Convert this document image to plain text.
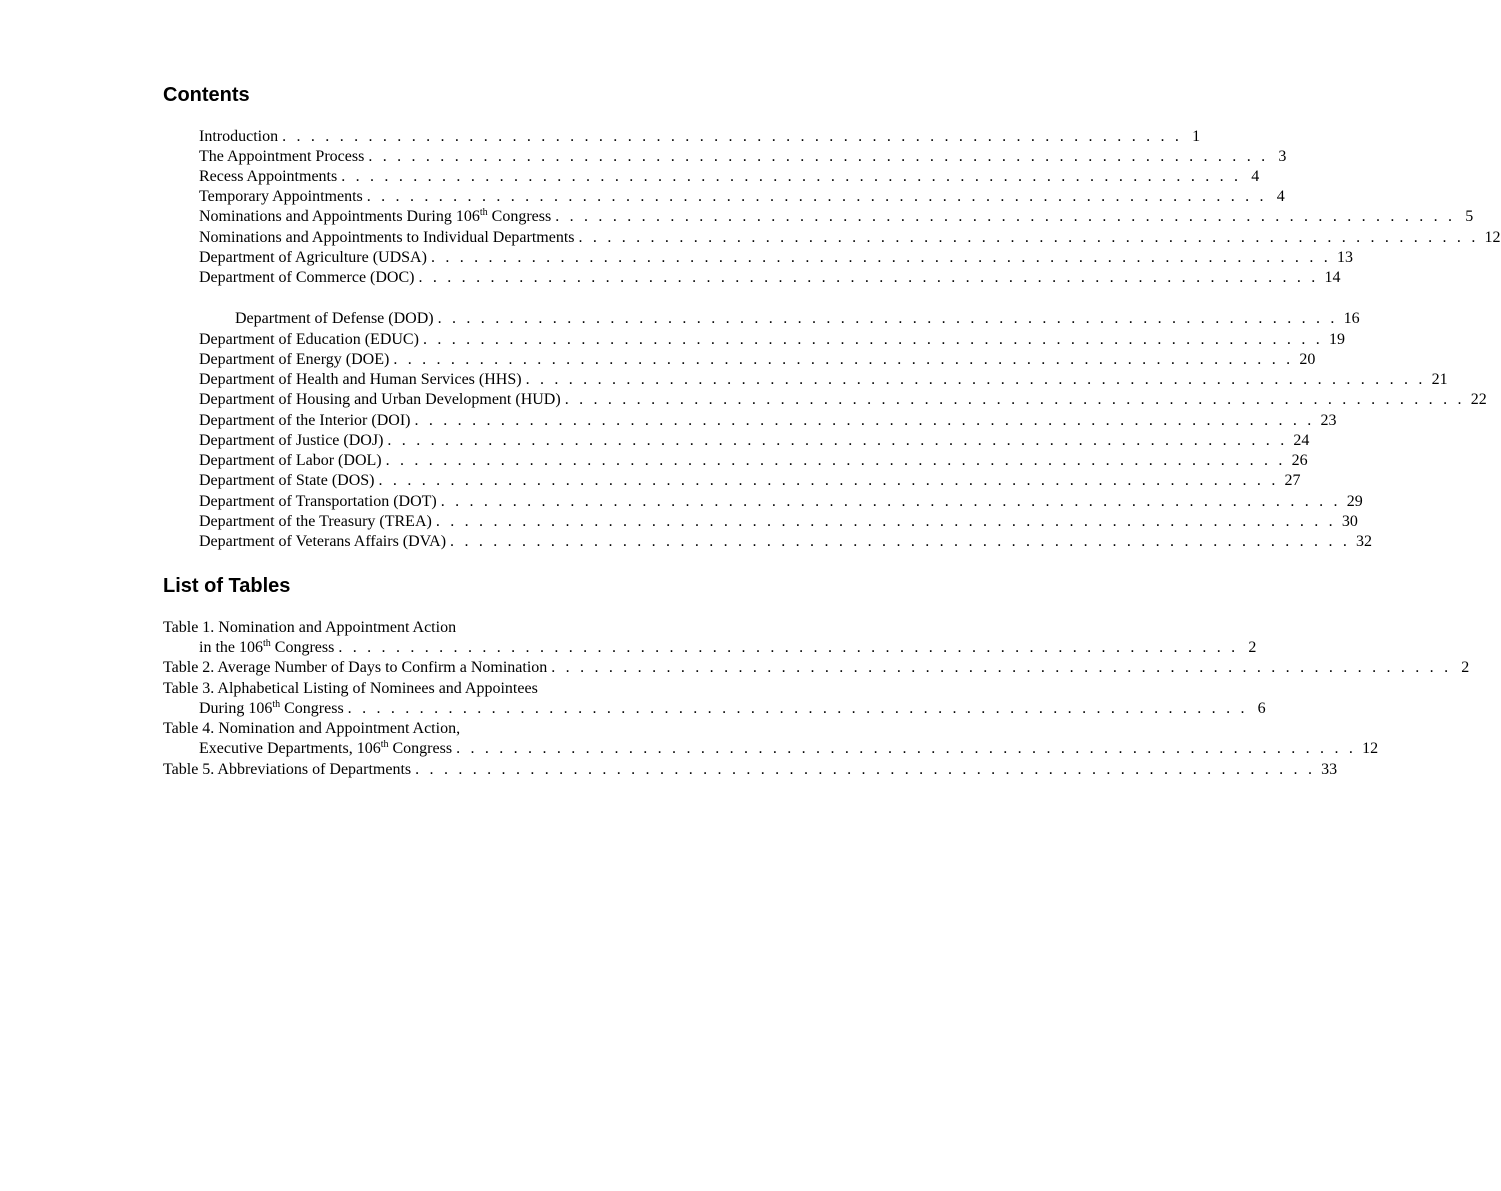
Contents
Introduction . . . . . . . . . . . . . . . . . . . . . . . . . . . . . . . . . . . . . . . . . . . . . . . . . . . . . . . . . . . . . . . 1
The Appointment Process . . . . . . . . . . . . . . . . . . . . . . . . . . . . . . . . . . . . . . . . . . . . . . . . . . . . . . . . . . . . . . . 3
Recess Appointments . . . . . . . . . . . . . . . . . . . . . . . . . . . . . . . . . . . . . . . . . . . . . . . . . . . . . . . . . . . . . . . 4
Temporary Appointments . . . . . . . . . . . . . . . . . . . . . . . . . . . . . . . . . . . . . . . . . . . . . . . . . . . . . . . . . . . . . . . 4
Nominations and Appointments During 106th Congress . . . . . . . . . . . . . . . . . . . . . . . . . . . . . . . . . . . . . . . . . . . . . . . . . . . . . . . . . . . . . . . 5
Nominations and Appointments to Individual Departments . . . . . . . . . . . . . . . . . . . . . . . . . . . . . . . . . . . . . . . . . . . . . . . . . . . . . . . . . . . . . . . 12
Department of Agriculture (UDSA) . . . . . . . . . . . . . . . . . . . . . . . . . . . . . . . . . . . . . . . . . . . . . . . . . . . . . . . . . . . . . . . 13
Department of Commerce (DOC) . . . . . . . . . . . . . . . . . . . . . . . . . . . . . . . . . . . . . . . . . . . . . . . . . . . . . . . . . . . . . . . 14
Department of Defense (DOD) . . . . . . . . . . . . . . . . . . . . . . . . . . . . . . . . . . . . . . . . . . . . . . . . . . . . . . . . . . . . . . . 16
Department of Education (EDUC) . . . . . . . . . . . . . . . . . . . . . . . . . . . . . . . . . . . . . . . . . . . . . . . . . . . . . . . . . . . . . . . 19
Department of Energy (DOE) . . . . . . . . . . . . . . . . . . . . . . . . . . . . . . . . . . . . . . . . . . . . . . . . . . . . . . . . . . . . . . . 20
Department of Health and Human Services (HHS) . . . . . . . . . . . . . . . . . . . . . . . . . . . . . . . . . . . . . . . . . . . . . . . . . . . . . . . . . . . . . . . 21
Department of Housing and Urban Development (HUD) . . . . . . . . . . . . . . . . . . . . . . . . . . . . . . . . . . . . . . . . . . . . . . . . . . . . . . . . . . . . . . . 22
Department of the Interior (DOI) . . . . . . . . . . . . . . . . . . . . . . . . . . . . . . . . . . . . . . . . . . . . . . . . . . . . . . . . . . . . . . . 23
Department of Justice (DOJ) . . . . . . . . . . . . . . . . . . . . . . . . . . . . . . . . . . . . . . . . . . . . . . . . . . . . . . . . . . . . . . . 24
Department of Labor (DOL) . . . . . . . . . . . . . . . . . . . . . . . . . . . . . . . . . . . . . . . . . . . . . . . . . . . . . . . . . . . . . . . 26
Department of State (DOS) . . . . . . . . . . . . . . . . . . . . . . . . . . . . . . . . . . . . . . . . . . . . . . . . . . . . . . . . . . . . . . . 27
Department of Transportation (DOT) . . . . . . . . . . . . . . . . . . . . . . . . . . . . . . . . . . . . . . . . . . . . . . . . . . . . . . . . . . . . . . . 29
Department of the Treasury (TREA) . . . . . . . . . . . . . . . . . . . . . . . . . . . . . . . . . . . . . . . . . . . . . . . . . . . . . . . . . . . . . . . 30
Department of Veterans Affairs (DVA) . . . . . . . . . . . . . . . . . . . . . . . . . . . . . . . . . . . . . . . . . . . . . . . . . . . . . . . . . . . . . . . 32
List of Tables
Table 1. Nomination and Appointment Action
in the 106th Congress . . . . . . . . . . . . . . . . . . . . . . . . . . . . . . . . . . . . . . . . . . . . . . . . . . . . . . . . . . . . . . . 2
Table 2. Average Number of Days to Confirm a Nomination . . . . . . . . . . . . . . . . . . . . . . . . . . . . . . . . . . . . . . . . . . . . . . . . . . . . . . . . . . . . . . . 2
Table 3. Alphabetical Listing of Nominees and Appointees
During 106th Congress . . . . . . . . . . . . . . . . . . . . . . . . . . . . . . . . . . . . . . . . . . . . . . . . . . . . . . . . . . . . . . . 6
Table 4. Nomination and Appointment Action,
Executive Departments, 106th Congress . . . . . . . . . . . . . . . . . . . . . . . . . . . . . . . . . . . . . . . . . . . . . . . . . . . . . . . . . . . . . . . 12
Table 5. Abbreviations of Departments . . . . . . . . . . . . . . . . . . . . . . . . . . . . . . . . . . . . . . . . . . . . . . . . . . . . . . . . . . . . . . . 33
